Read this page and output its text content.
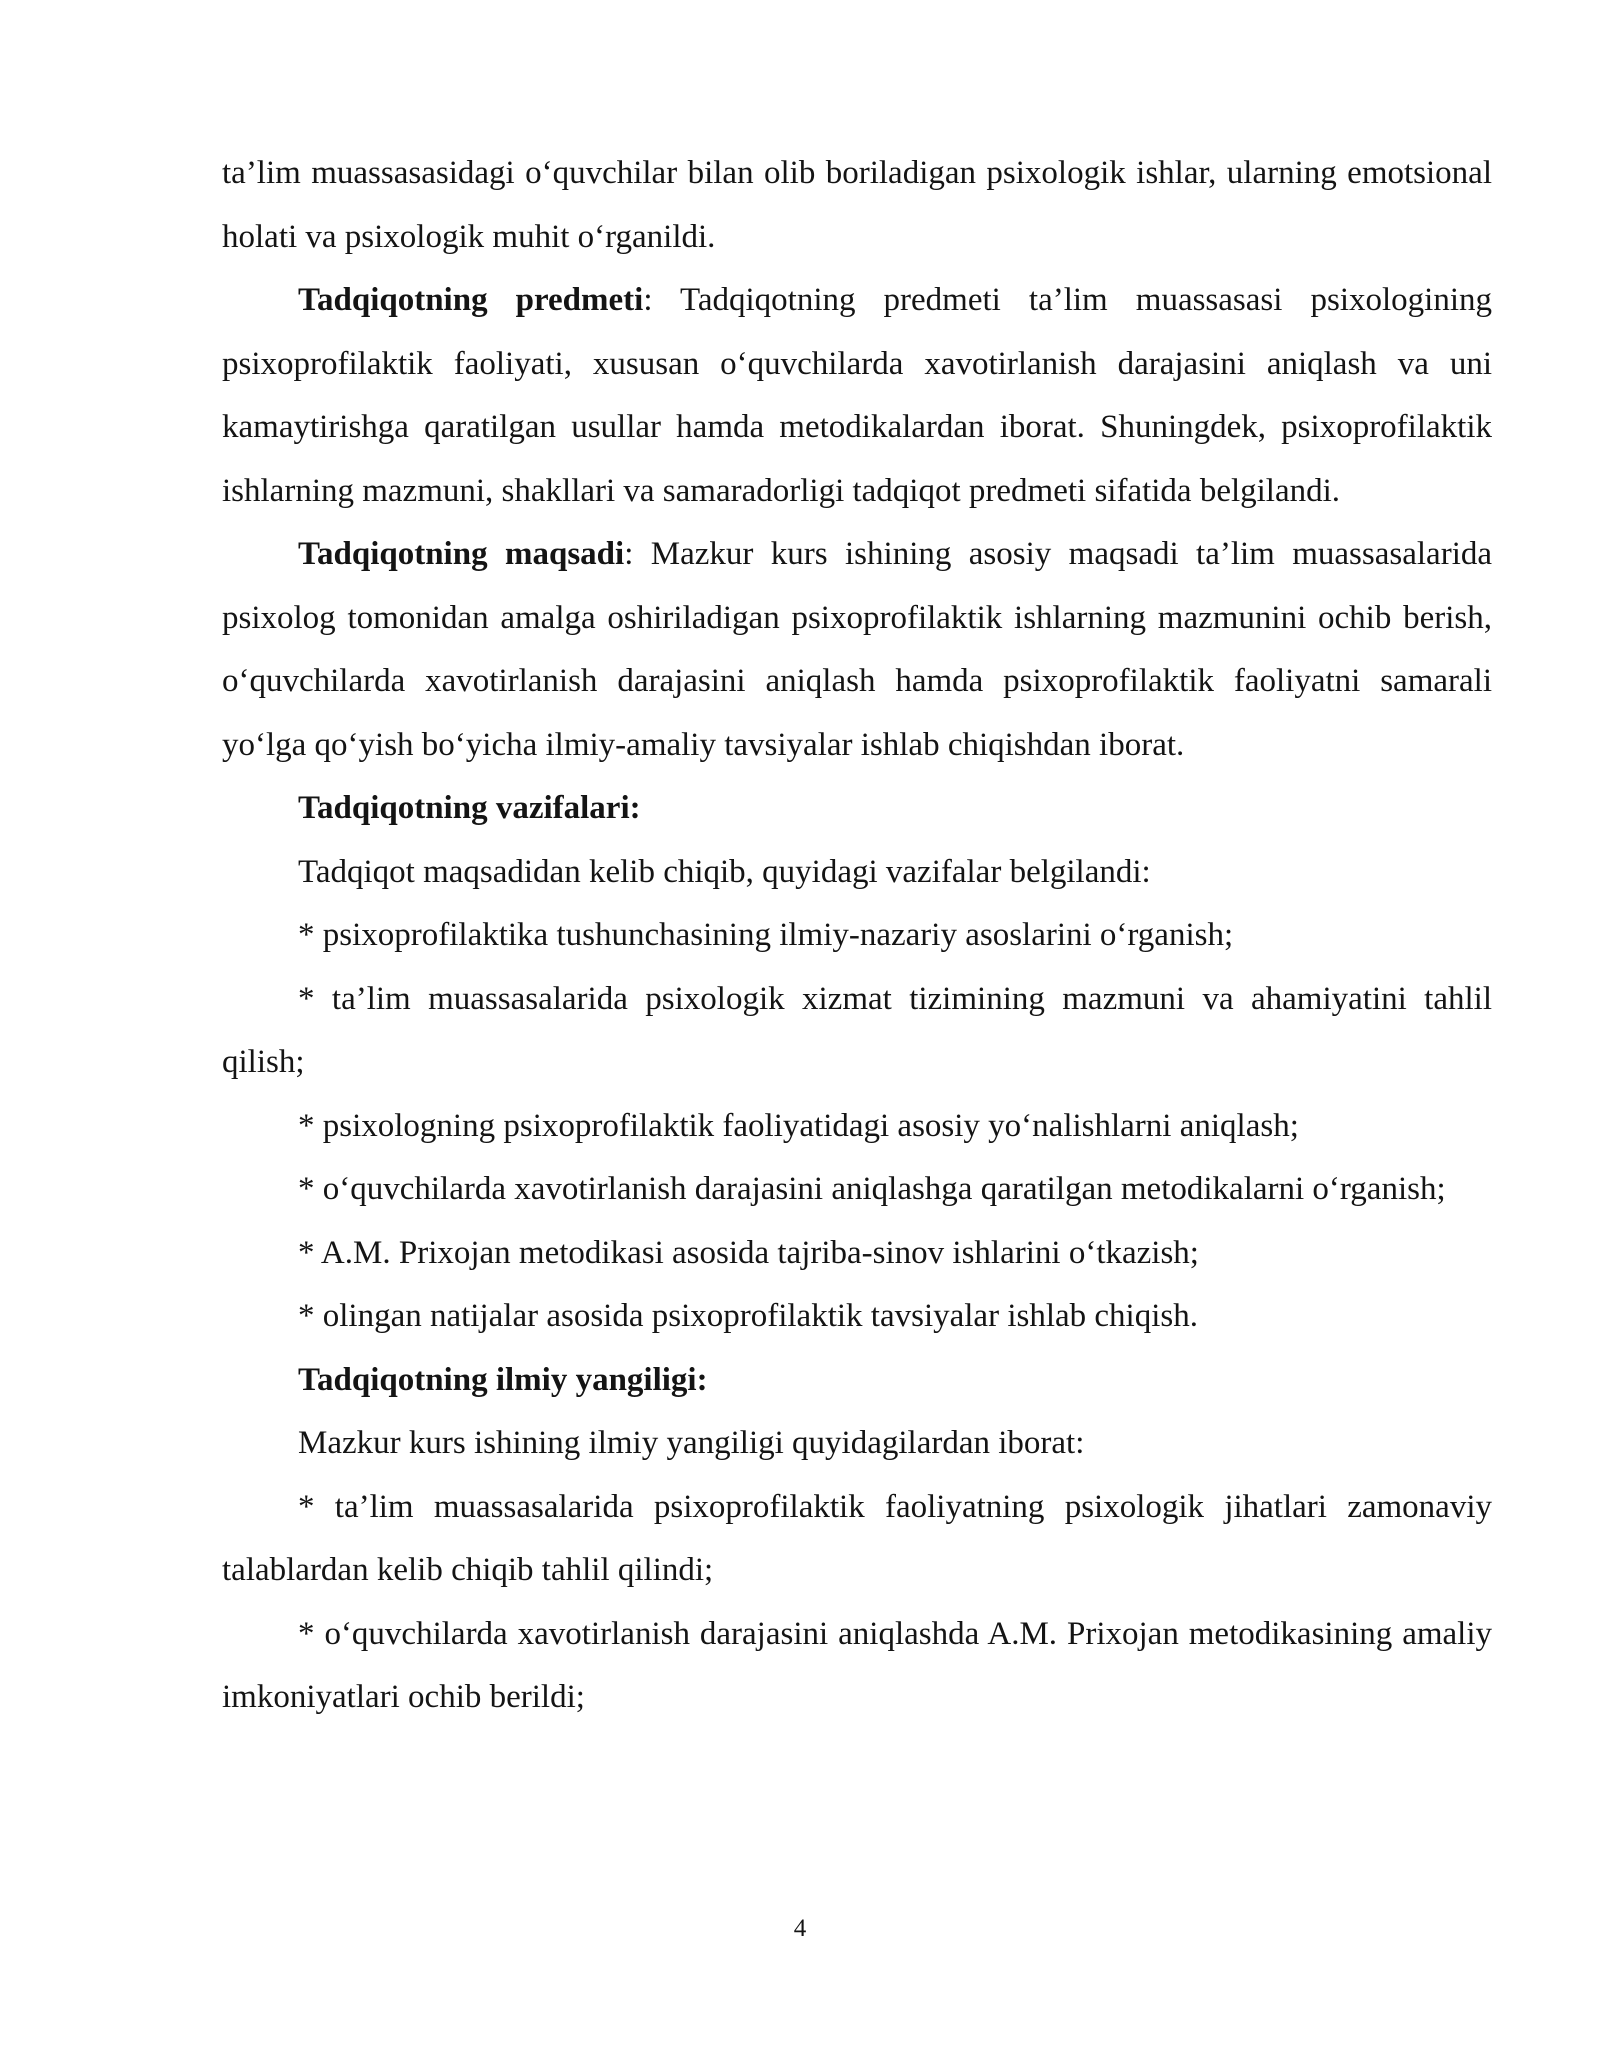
ta’lim muassasasidagi o‘quvchilar bilan olib boriladigan psixologik ishlar, ularning emotsional holati va psixologik muhit o‘rganildi.

Tadqiqotning predmeti: Tadqiqotning predmeti ta’lim muassasasi psixologining psixoprofilaktik faoliyati, xususan o‘quvchilarda xavotirlanish darajasini aniqlash va uni kamaytirishga qaratilgan usullar hamda metodikalardan iborat. Shuningdek, psixoprofilaktik ishlarning mazmuni, shakllari va samaradorligi tadqiqot predmeti sifatida belgilandi.

Tadqiqotning maqsadi: Mazkur kurs ishining asosiy maqsadi ta’lim muassasalarida psixolog tomonidan amalga oshiriladigan psixoprofilaktik ishlarning mazmunini ochib berish, o‘quvchilarda xavotirlanish darajasini aniqlash hamda psixoprofilaktik faoliyatni samarali yo‘lga qo‘yish bo‘yicha ilmiy-amaliy tavsiyalar ishlab chiqishdan iborat.

Tadqiqotning vazifalari:

Tadqiqot maqsadidan kelib chiqib, quyidagi vazifalar belgilandi:

* psixoprofilaktika tushunchasining ilmiy-nazariy asoslarini o‘rganish;

* ta’lim muassasalarida psixologik xizmat tizimining mazmuni va ahamiyatini tahlil qilish;

* psixologning psixoprofilaktik faoliyatidagi asosiy yo‘nalishlarni aniqlash;

* o‘quvchilarda xavotirlanish darajasini aniqlashga qaratilgan metodikalarni o‘rganish;

* A.M. Prixojan metodikasi asosida tajriba-sinov ishlarini o‘tkazish;

* olingan natijalar asosida psixoprofilaktik tavsiyalar ishlab chiqish.

Tadqiqotning ilmiy yangiligi:

Mazkur kurs ishining ilmiy yangiligi quyidagilardan iborat:

* ta’lim muassasalarida psixoprofilaktik faoliyatning psixologik jihatlari zamonaviy talablardan kelib chiqib tahlil qilindi;

* o‘quvchilarda xavotirlanish darajasini aniqlashda A.M. Prixojan metodikasining amaliy imkoniyatlari ochib berildi;

4
